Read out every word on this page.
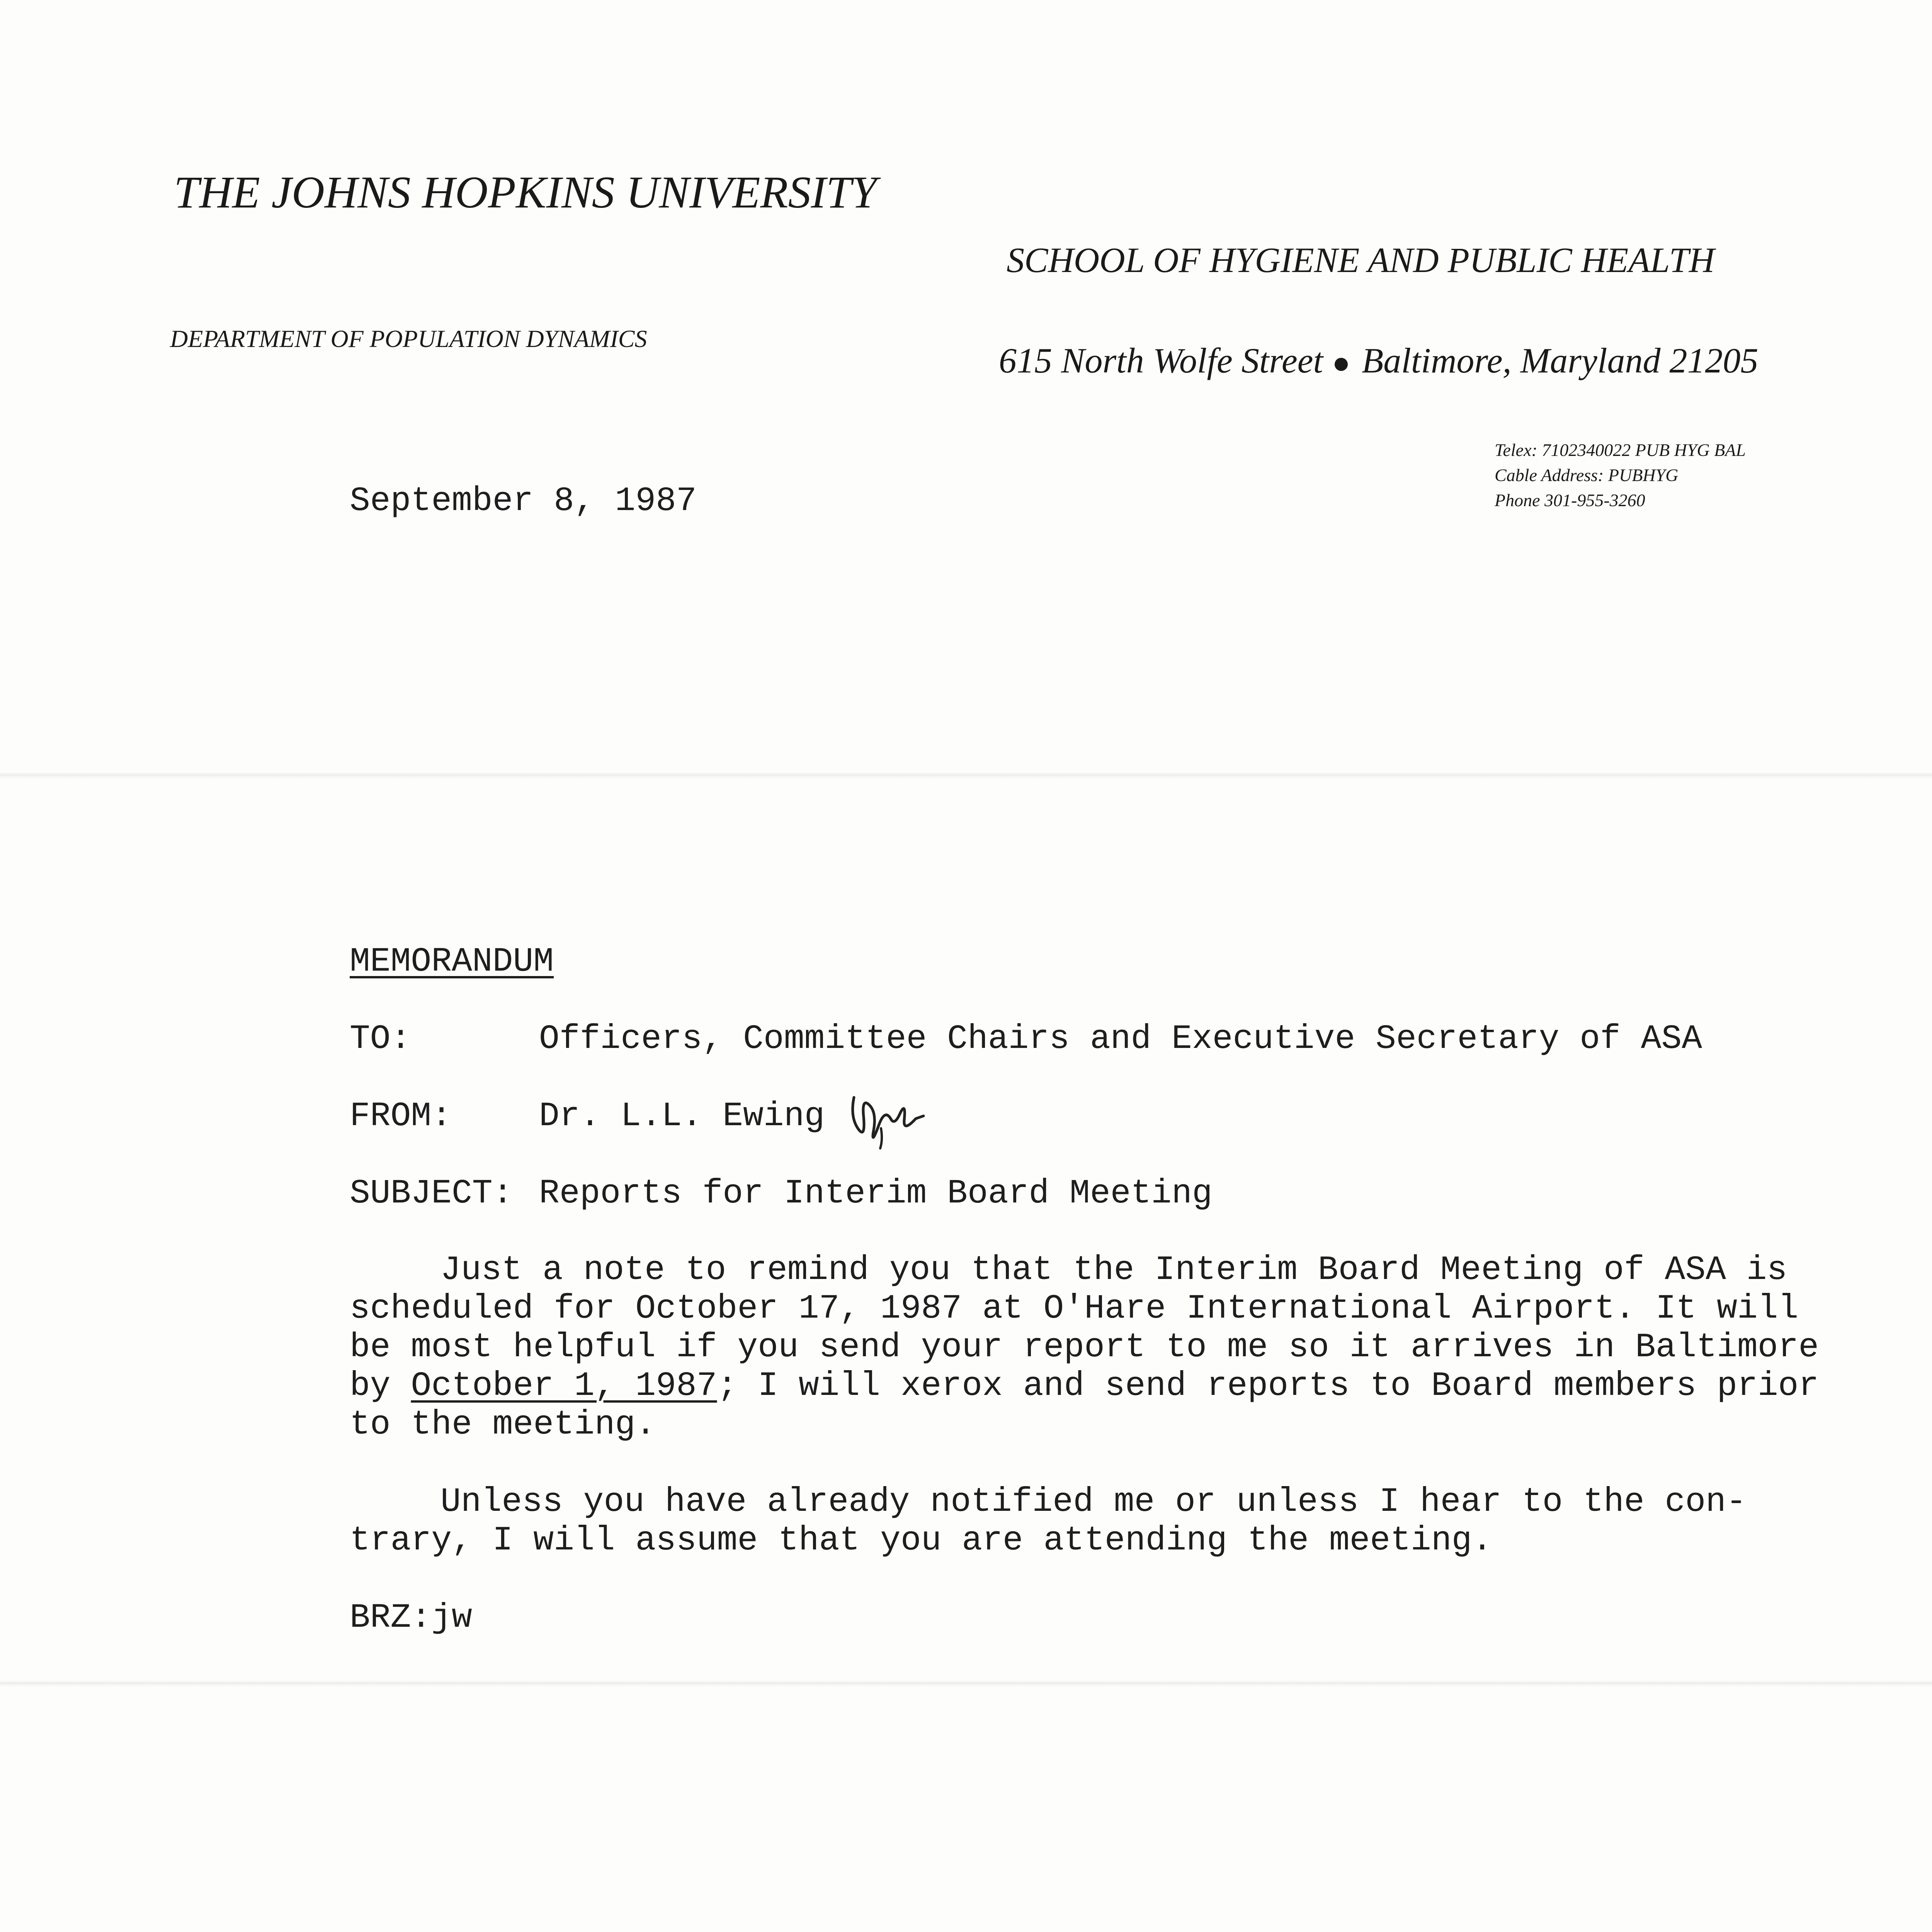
THE JOHNS HOPKINS UNIVERSITY
SCHOOL OF HYGIENE AND PUBLIC HEALTH
DEPARTMENT OF POPULATION DYNAMICS
615 North Wolfe Street Baltimore, Maryland 21205
Telex: 7102340022 PUB HYG BAL
Cable Address: PUBHYG
Phone 301-955-3260
September 8, 1987
MEMORANDUM
TO:	Officers, Committee Chairs and Executive Secretary of ASA
FROM:	Dr. L.L. Ewing
SUBJECT: Reports for Interim Board Meeting
Just a note to remind you that the Interim Board Meeting of ASA is
scheduled for October 17, 1987 at O'Hare International Airport. It will
be most helpful if you send your report to me so it arrives in Baltimore
by October 1, 1987; I will xerox and send reports to Board members prior
to the meeting.
Unless you have already notified me or unless I hear to the con-
trary, I will assume that you are attending the meeting.
BRZ:jw
